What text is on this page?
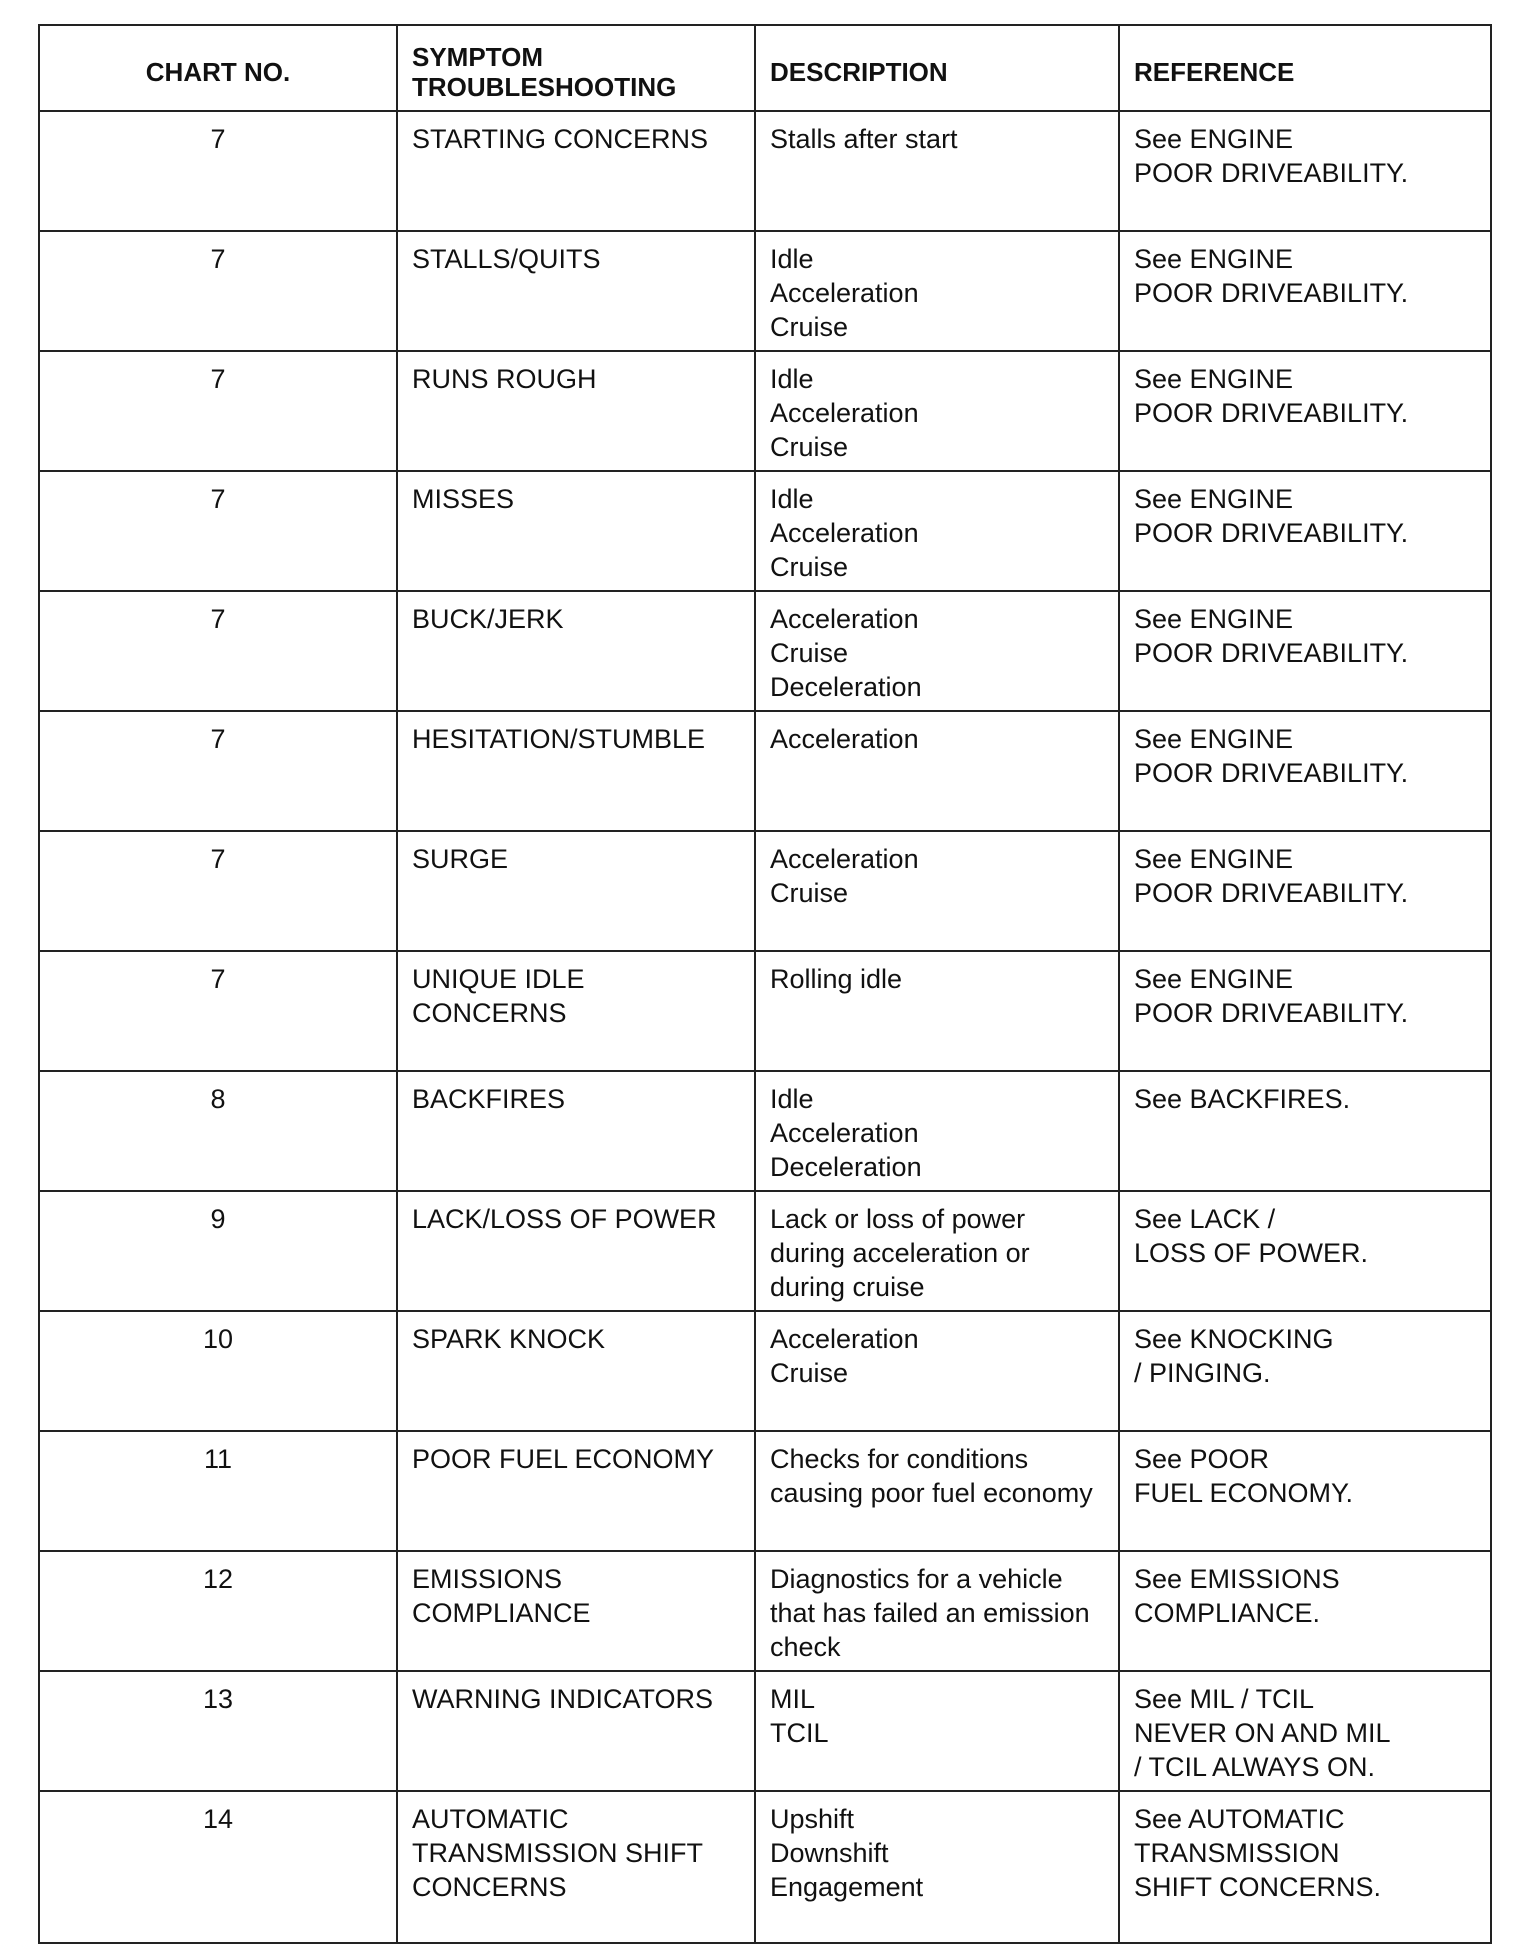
CHART NO.	SYMPTOM TROUBLESHOOTING	DESCRIPTION	REFERENCE
7	STARTING CONCERNS	Stalls after start	See ENGINE
POOR DRIVEABILITY.

7	STALLS/QUITS	Idle
Acceleration
Cruise	See ENGINE
POOR DRIVEABILITY.

7	RUNS ROUGH	Idle
Acceleration
Cruise	See ENGINE
POOR DRIVEABILITY.

7	MISSES	Idle
Acceleration
Cruise	See ENGINE
POOR DRIVEABILITY.

7	BUCK/JERK	Acceleration
Cruise
Deceleration	See ENGINE
POOR DRIVEABILITY.

7	HESITATION/STUMBLE	Acceleration	See ENGINE
POOR DRIVEABILITY.

7	SURGE	Acceleration
Cruise	See ENGINE
POOR DRIVEABILITY.

7	UNIQUE IDLE
CONCERNS	Rolling idle	See ENGINE
POOR DRIVEABILITY.

8	BACKFIRES	Idle
Acceleration
Deceleration	See BACKFIRES.

9	LACK/LOSS OF POWER	Lack or loss of power
during acceleration or
during cruise	See LACK /
LOSS OF POWER.

10	SPARK KNOCK	Acceleration
Cruise	See KNOCKING
/ PINGING.

11	POOR FUEL ECONOMY	Checks for conditions
causing poor fuel economy	See POOR
FUEL ECONOMY.

12	EMISSIONS
COMPLIANCE	Diagnostics for a vehicle
that has failed an emission
check	See EMISSIONS
COMPLIANCE.

13	WARNING INDICATORS	MIL
TCIL	See MIL / TCIL
NEVER ON AND MIL
/ TCIL ALWAYS ON.

14	AUTOMATIC
TRANSMISSION SHIFT
CONCERNS	Upshift
Downshift
Engagement	See AUTOMATIC
TRANSMISSION
SHIFT CONCERNS.
